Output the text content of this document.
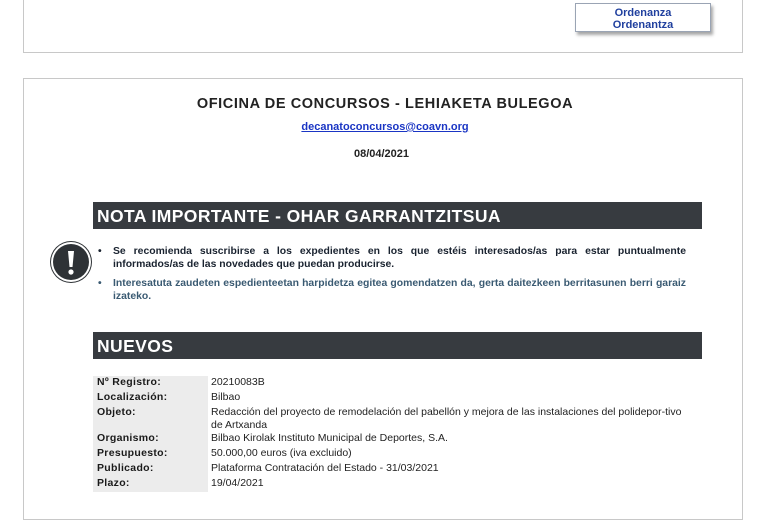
Ordenanza
Ordenantza
OFICINA DE CONCURSOS - LEHIAKETA BULEGOA
decanatoconcursos@coavn.org
08/04/2021
NOTA IMPORTANTE - OHAR GARRANTZITSUA
• Se recomienda suscribirse a los expedientes en los que estéis interesados/as para estar puntualmente informados/as de las novedades que puedan producirse.
• Interesatuta zaudeten espedienteetan harpidetza egitea gomendatzen da, gerta daitezkeen berritasunen berri garaiz izateko.
NUEVOS
Nº Registro:	20210083B
Localización:	Bilbao
Objeto:	Redacción del proyecto de remodelación del pabellón y mejora de las instalaciones del polidepor-tivo de Artxanda
Organismo:	Bilbao Kirolak Instituto Municipal de Deportes, S.A.
Presupuesto:	50.000,00 euros (iva excluido)
Publicado:	Plataforma Contratación del Estado - 31/03/2021
Plazo:	19/04/2021
